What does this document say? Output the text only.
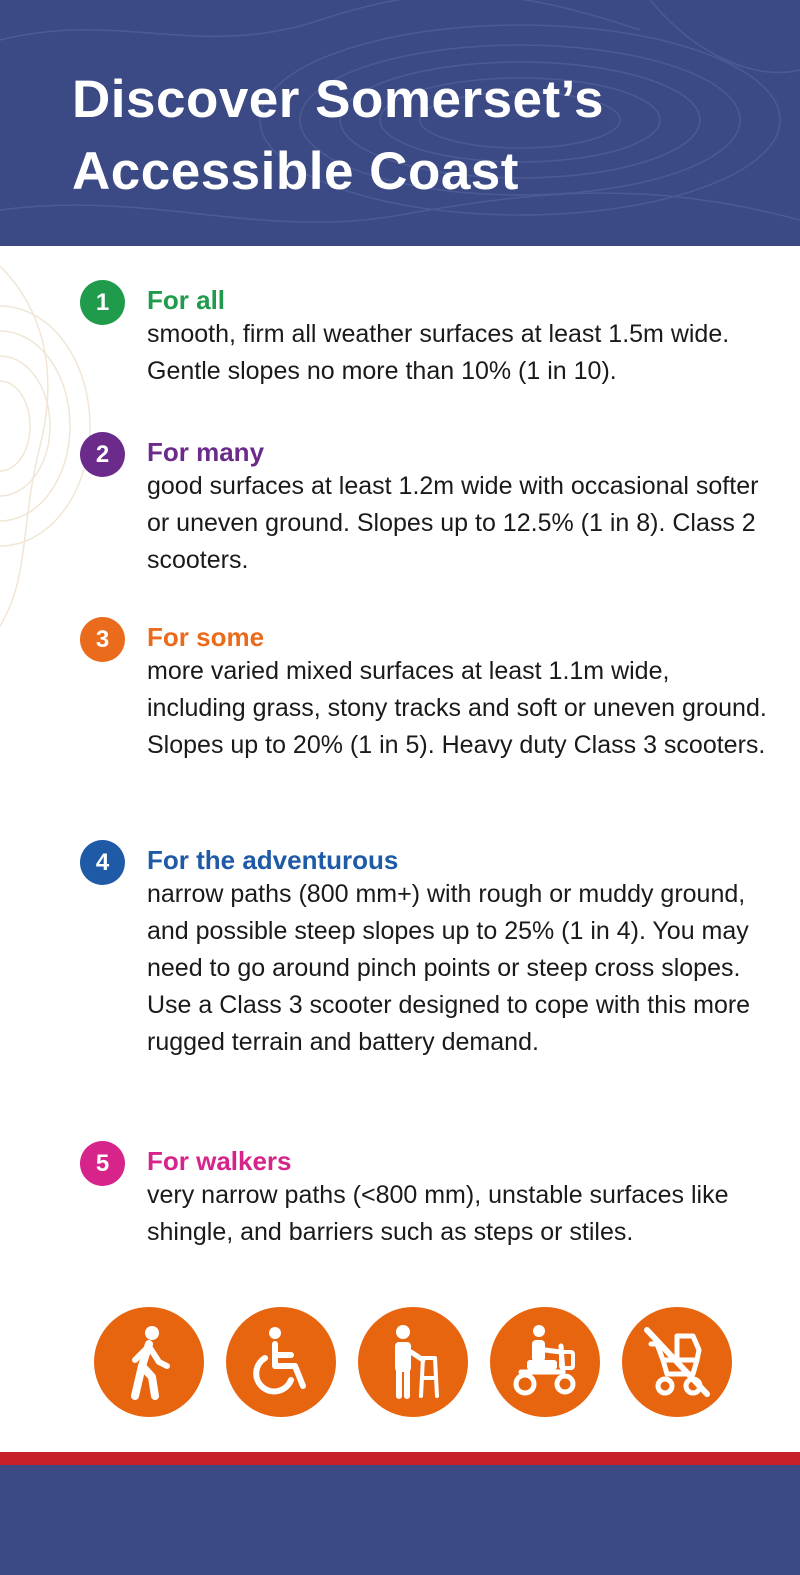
Discover Somerset’s
Accessible Coast
1	For all

smooth, firm all weather surfaces at least 1.5m wide. Gentle slopes no more than 10% (1 in 10).

2	For many

good surfaces at least 1.2m wide with occasional softer or uneven ground. Slopes up to 12.5% (1 in 8). Class 2 scooters.

3	For some

more varied mixed surfaces at least 1.1m wide, including grass, stony tracks and soft or uneven ground. Slopes up to 20% (1 in 5). Heavy duty Class 3 scooters.

4	For the adventurous

narrow paths (800 mm+) with rough or muddy ground, and possible steep slopes up to 25% (1 in 4). You may need to go around pinch points or steep cross slopes. Use a Class 3 scooter designed to cope with this more rugged terrain and battery demand.

5	For walkers

very narrow paths (<800 mm), unstable surfaces like shingle, and barriers such as steps or stiles.
